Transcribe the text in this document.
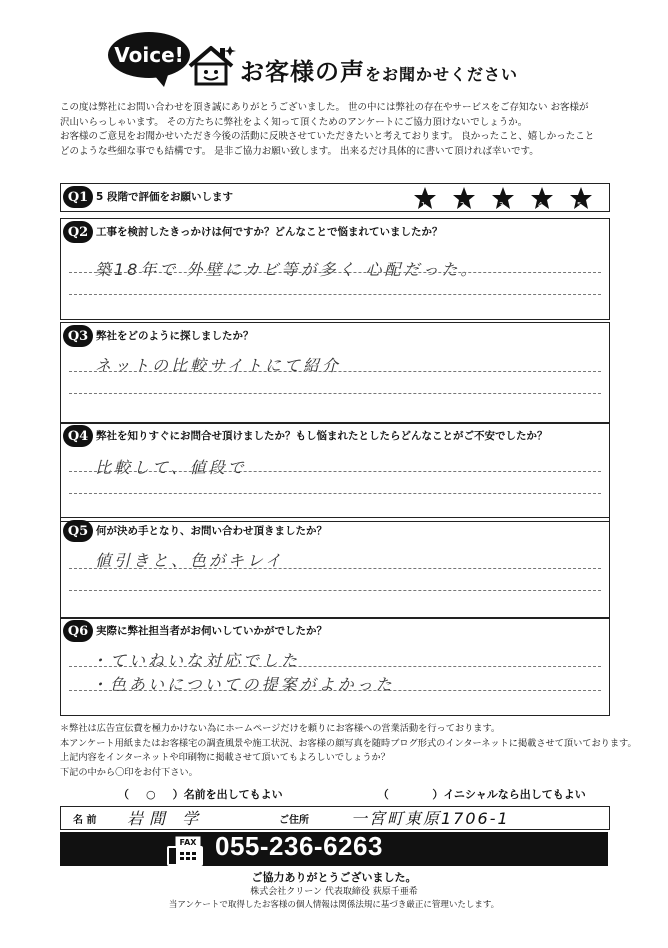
Voice!
お客様の声をお聞かせください

この度は弊社にお問い合わせを頂き誠にありがとうございました。 世の中には弊社の存在やサービスをご存知ない お客様が

沢山いらっしゃいます。 その方たちに弊社をよく知って頂くためのアンケートにご協力頂けないでしょうか。

お客様のご意見をお聞かせいただき今後の活動に反映させていただきたいと考えております。 良かったこと、嬉しかったこと

どのような些細な事でも結構です。 是非ご協力お願い致します。 出来るだけ具体的に書いて頂ければ幸いです。

Q1 5 段階で評価をお願いします
1	2	3	4	5
Q2 工事を検討したきっかけは何ですか？どんなことで悩まれていましたか？
築18年で 外壁にカビ等が多く 心配だった。
Q3 弊社をどのように探しましたか？
ネットの比較サイトにて紹介
Q4 弊社を知りすぐにお問合せ頂けましたか？もし悩まれたとしたらどんなことがご不安でしたか？
比較して、値段で
Q5 何が決め手となり、お問い合わせ頂きましたか？
値引きと、色がキレイ
Q6 実際に弊社担当者がお伺いしていかがでしたか？
・ていねいな対応でした
・色あいについての提案がよかった

＊弊社は広告宣伝費を極力かけない為にホームページだけを頼りにお客様への営業活動を行っております。

本アンケート用紙またはお客様宅の調査風景や施工状況、お客様の顔写真を随時ブログ形式のインターネットに掲載させて頂いております。

上記内容をインターネットや印刷物に掲載させて頂いてもよろしいでしょうか？

下記の中から〇印をお付下さい。

（ ○ ）名前を出してもよい	（	）イニシャルなら出してもよい
名 前 岩間 学	ご住所	一宮町東原1706-1
FAX 055-236-6263
ご協力ありがとうございました。
株式会社クリーン 代表取締役 荻原千亜希
当アンケートで取得したお客様の個人情報は関係法規に基づき厳正に管理いたします。
